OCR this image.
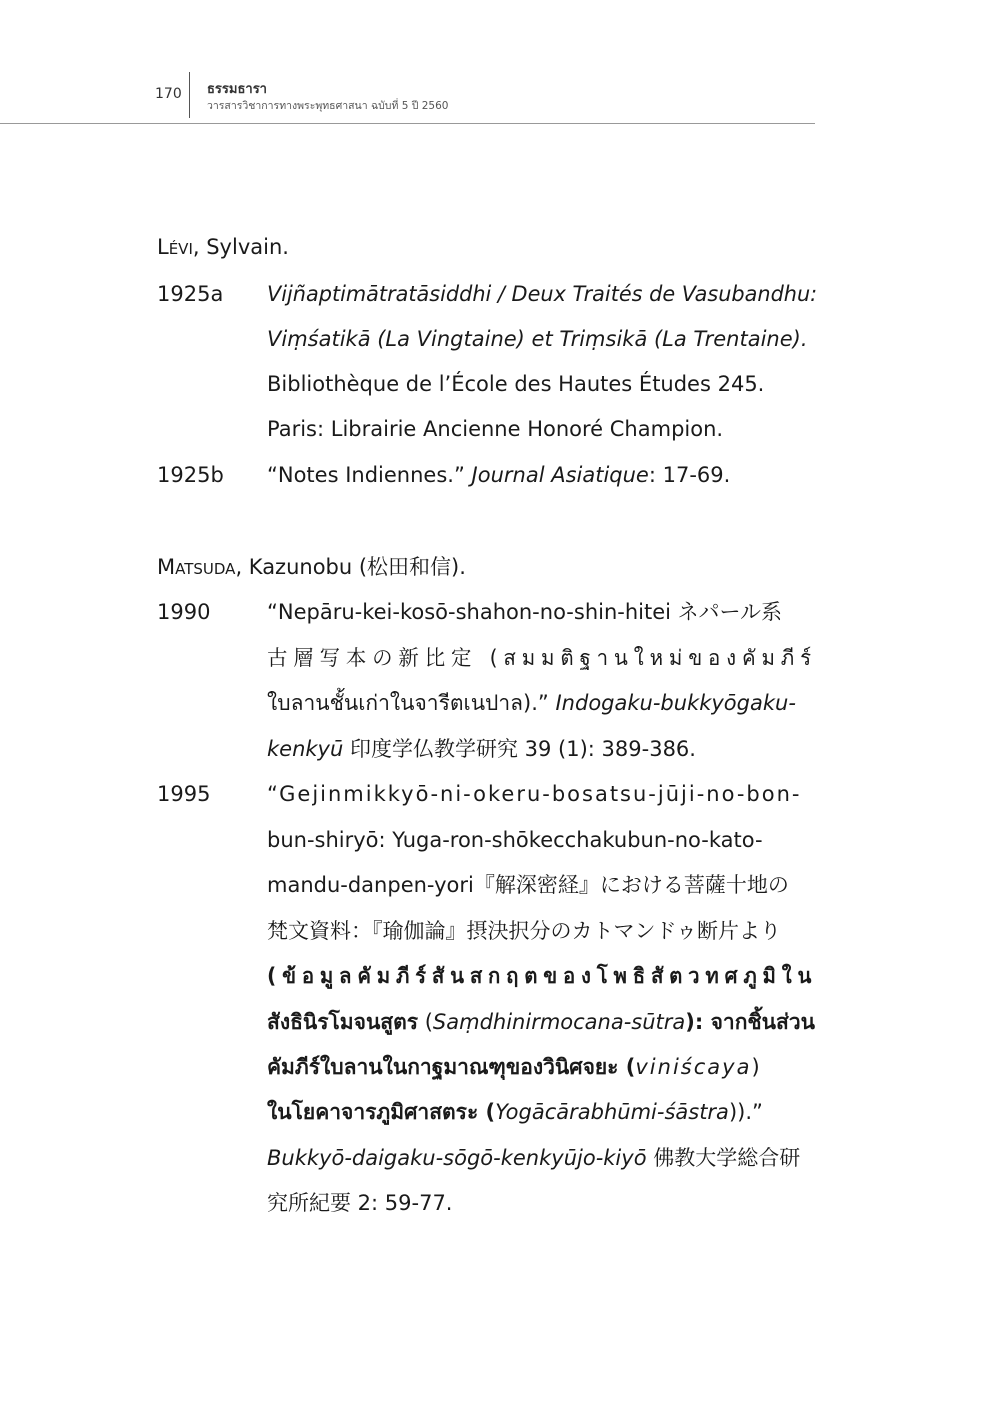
170 ธรรมธารา
วารสารวิชาการทางพระพุทธศาสนา ฉบับที่ 5 ปี 2560
Lévi, Sylvain.
1925a Vijñaptimātratāsiddhi / Deux Traités de Vasubandhu:
Viṃśatikā (La Vingtaine) et Triṃsikā (La Trentaine).
Bibliothèque de l’École des Hautes Études 245.
Paris: Librairie Ancienne Honoré Champion.
1925b “Notes Indiennes.” Journal Asiatique: 17-69.
Matsuda, Kazunobu (松田和信).
1990	“Nepāru-kei-kosō-shahon-no-shin-hitei ネパール系
古層写本の新比定 (สมมติฐานใหม่ของคัมภีร์
ใบลานชั้นเก่าในจารีตเนปาล).” Indogaku-bukkyōgaku-
kenkyū 印度学仏教学研究 39 (1): 389-386.
1995	“Gejinmikkyō-ni-okeru-bosatsu-jūji-no-bon-
bun-shiryō: Yuga-ron-shōkecchakubun-no-kato-
mandu-danpen-yori『解深密経』における菩薩十地の
梵文資料：『瑜伽論』摂決択分のカトマンドゥ断片より
(ข้อมูลคัมภีร์สันสกฤตของโพธิสัตวทศภูมิใน
สังธินิรโมจนสูตร (Saṃdhinirmocana-sūtra): จากชิ้นส่วน
คัมภีร์ใบลานในกาฐมาณฑุของวินิศจยะ (viniścaya)
ในโยคาจารภูมิศาสตระ (Yogācārabhūmi-śāstra)).”
Bukkyō-daigaku-sōgō-kenkyūjo-kiyō 佛教大学総合研
究所紀要 2: 59-77.
